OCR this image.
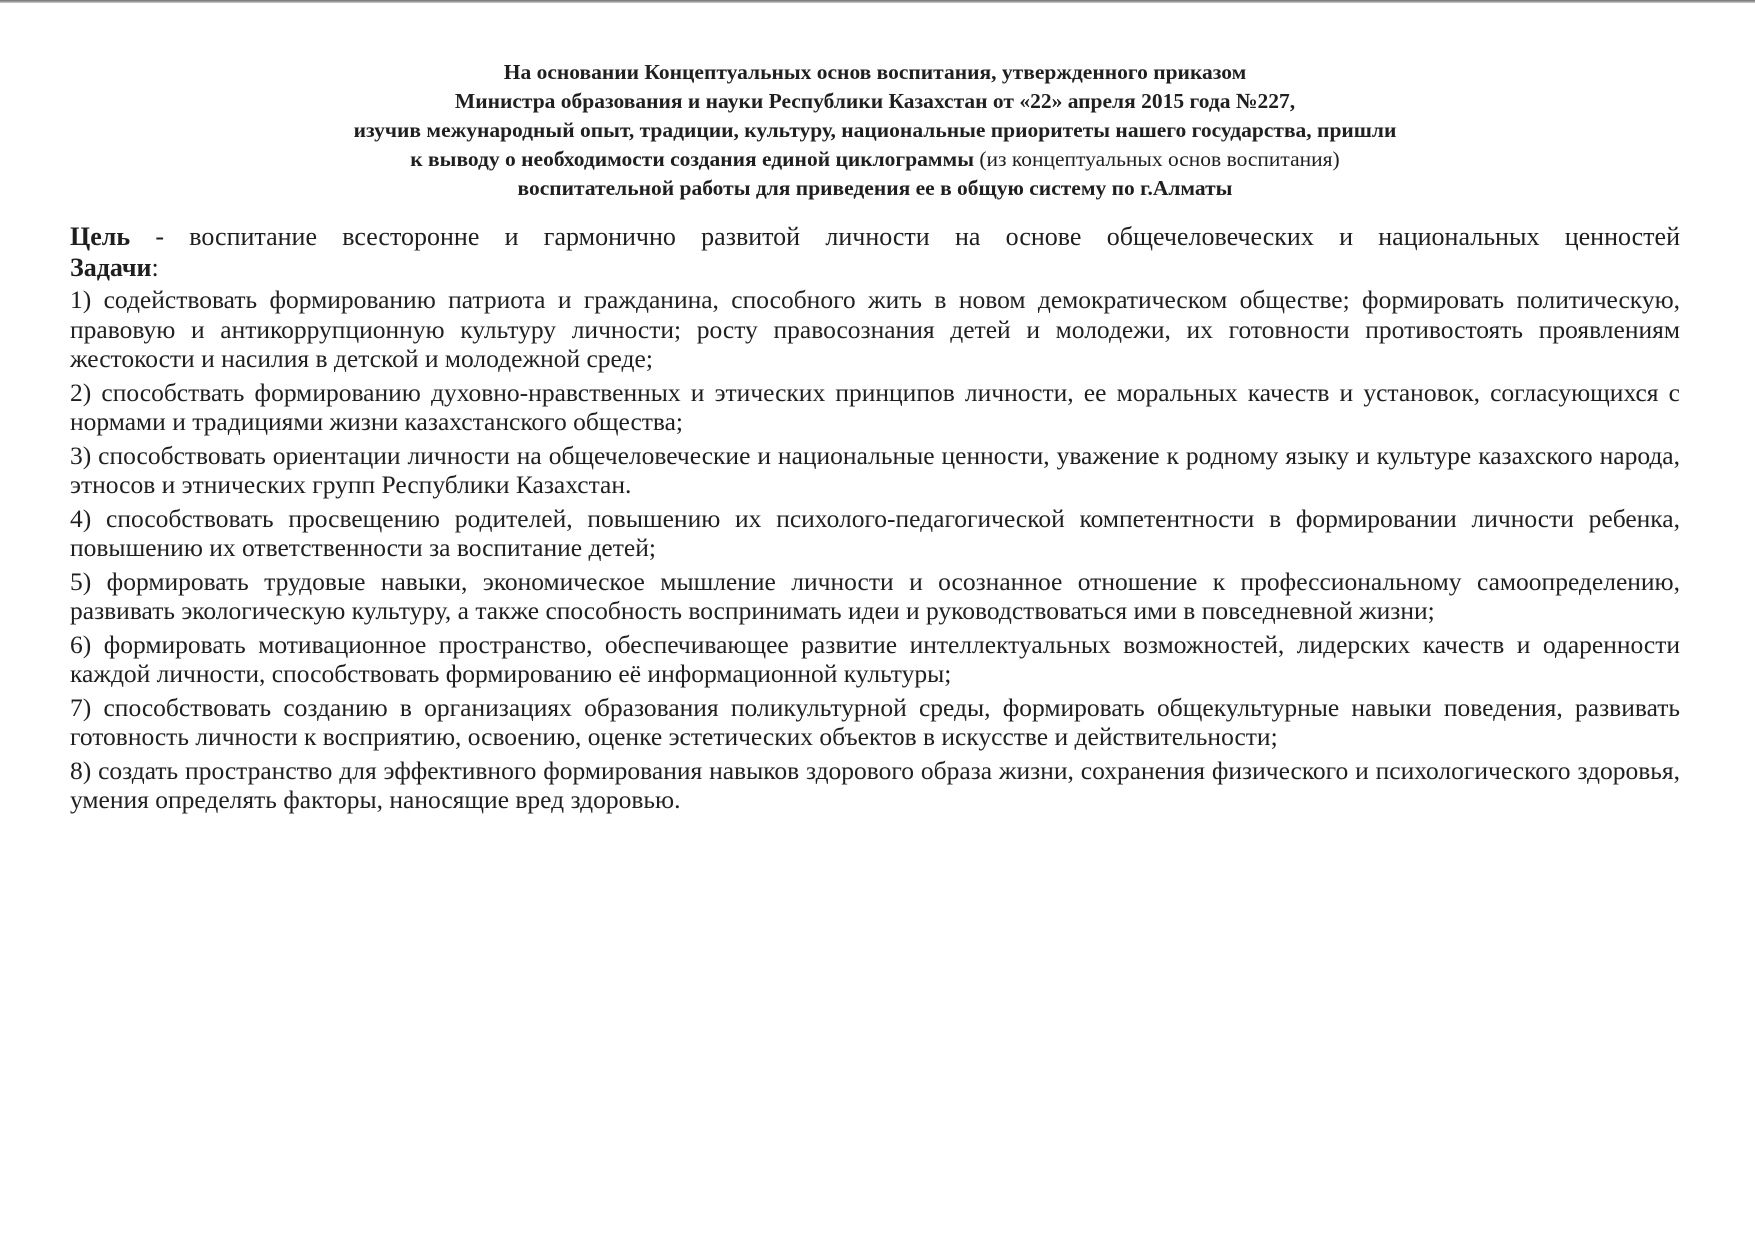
На основании Концептуальных основ воспитания, утвержденного приказом
Министра образования и науки Республики Казахстан от «22» апреля 2015 года №227,
изучив межународный опыт, традиции, культуру, национальные приоритеты нашего государства, пришли
к выводу о необходимости создания единой циклограммы (из концептуальных основ воспитания)
воспитательной работы для приведения ее в общую систему по г.Алматы
Цель - воспитание всесторонне и гармонично развитой личности на основе общечеловеческих и национальных ценностей
Задачи:
1) содействовать формированию патриота и гражданина, способного жить в новом демократическом обществе; формировать политическую, правовую и антикоррупционную культуру личности; росту правосознания детей и молодежи, их готовности противостоять проявлениям жестокости и насилия в детской и молодежной среде;
2) способствать формированию духовно-нравственных и этических принципов личности, ее моральных качеств и установок, согласующихся с нормами и традициями жизни казахстанского общества;
3) способствовать ориентации личности на общечеловеческие и национальные ценности, уважение к родному языку и культуре казахского народа, этносов и этнических групп Республики Казахстан.
4) способствовать просвещению родителей, повышению их психолого-педагогической компетентности в формировании личности ребенка, повышению их ответственности за воспитание детей;
5) формировать трудовые навыки, экономическое мышление личности и осознанное отношение к профессиональному самоопределению, развивать экологическую культуру, а также способность воспринимать идеи и руководствоваться ими в повседневной жизни;
6) формировать мотивационное пространство, обеспечивающее развитие интеллектуальных возможностей, лидерских качеств и одаренности каждой личности, способствовать формированию её информационной культуры;
7) способствовать созданию в организациях образования поликультурной среды, формировать общекультурные навыки поведения, развивать готовность личности к восприятию, освоению, оценке эстетических объектов в искусстве и действительности;
8) создать пространство для эффективного формирования навыков здорового образа жизни, сохранения физического и психологического здоровья, умения определять факторы, наносящие вред здоровью.
